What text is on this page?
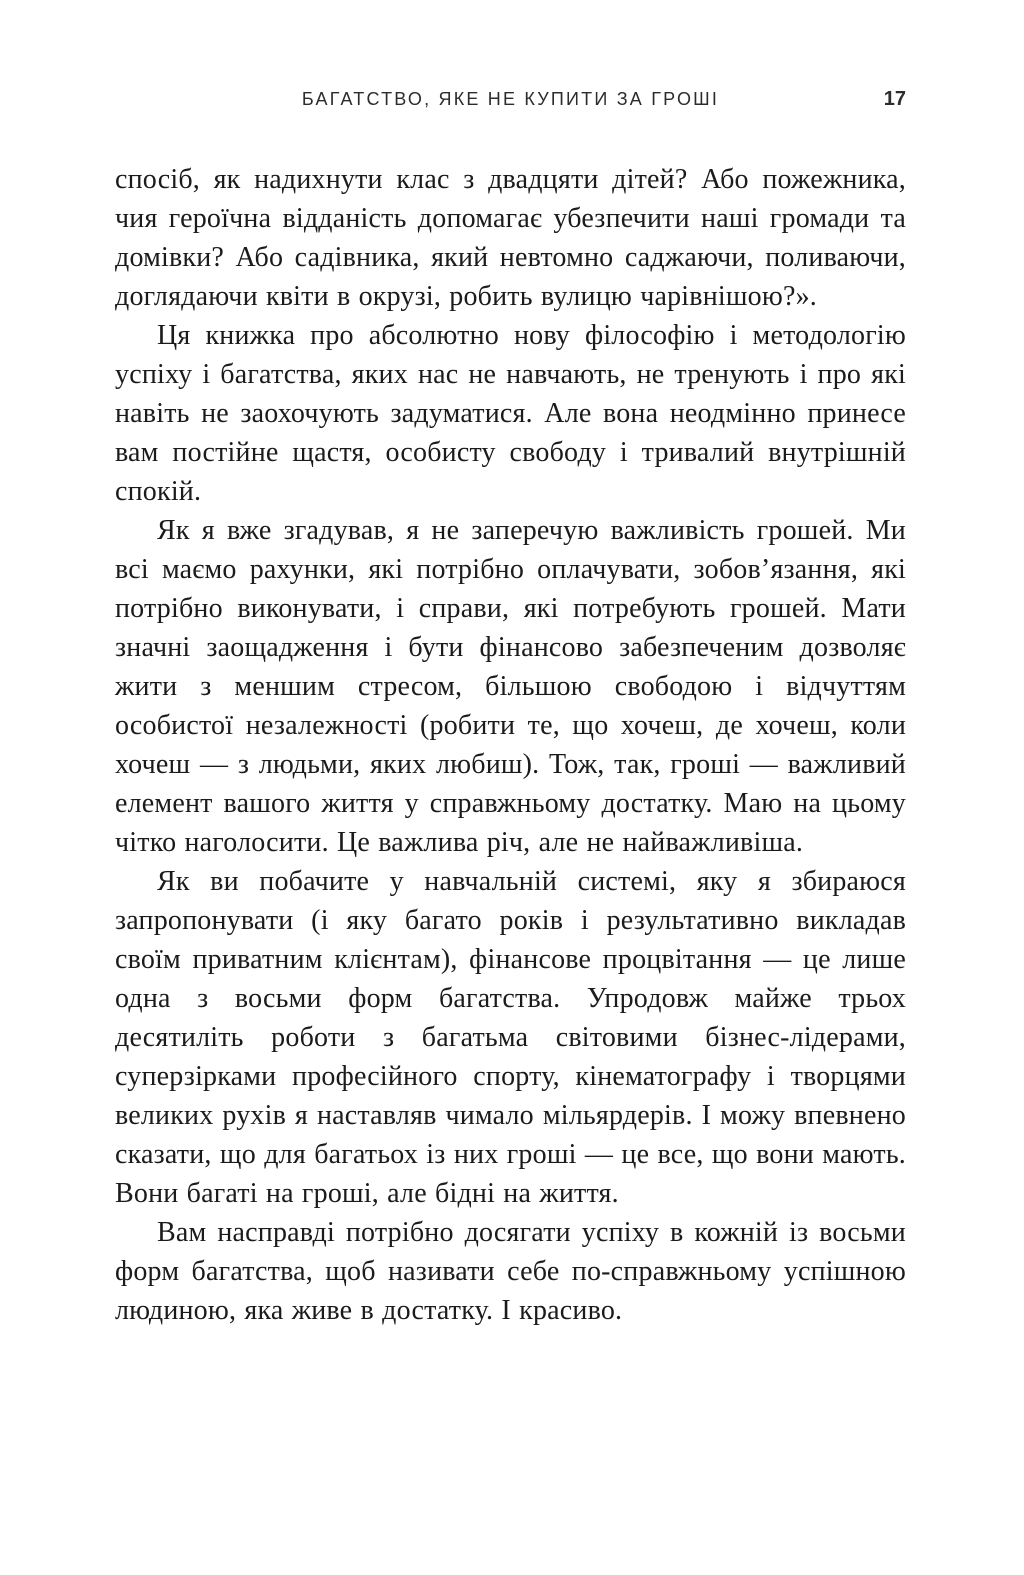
БАГАТСТВО, ЯКЕ НЕ КУПИТИ ЗА ГРОШІ	17

спосіб, як надихнути клас з двадцяти дітей? Або пожежника, чия героїчна відданість допомагає убезпечити наші громади та домівки? Або садівника, який невтомно саджаючи, поливаючи, доглядаючи квіти в окрузі, робить вулицю чарівнішою?».

Ця книжка про абсолютно нову філософію і методологію успіху і багатства, яких нас не навчають, не тренують і про які навіть не заохочують задуматися. Але вона неодмінно принесе вам постійне щастя, особисту свободу і тривалий внутрішній спокій.

Як я вже згадував, я не заперечую важливість грошей. Ми всі маємо рахунки, які потрібно оплачувати, зобов’язання, які потрібно виконувати, і справи, які потребують грошей. Мати значні заощадження і бути фінансово забезпеченим дозволяє жити з меншим стресом, більшою свободою і відчуттям особистої незалежності (робити те, що хочеш, де хочеш, коли хочеш — з людьми, яких любиш). Тож, так, гроші — важливий елемент вашого життя у справжньому достатку. Маю на цьому чітко наголосити. Це важлива річ, але не найважливіша.

Як ви побачите у навчальній системі, яку я збираюся запропонувати (і яку багато років і результативно викладав своїм приватним клієнтам), фінансове процвітання — це лише одна з восьми форм багатства. Упродовж майже трьох десятиліть роботи з багатьма світовими бізнес-лідерами, суперзірками професійного спорту, кінематографу і творцями великих рухів я наставляв чимало мільярдерів. І можу впевнено сказати, що для багатьох із них гроші — це все, що вони мають. Вони багаті на гроші, але бідні на життя.

Вам насправді потрібно досягати успіху в кожній із восьми форм багатства, щоб називати себе по-справжньому успішною людиною, яка живе в достатку. І красиво.
